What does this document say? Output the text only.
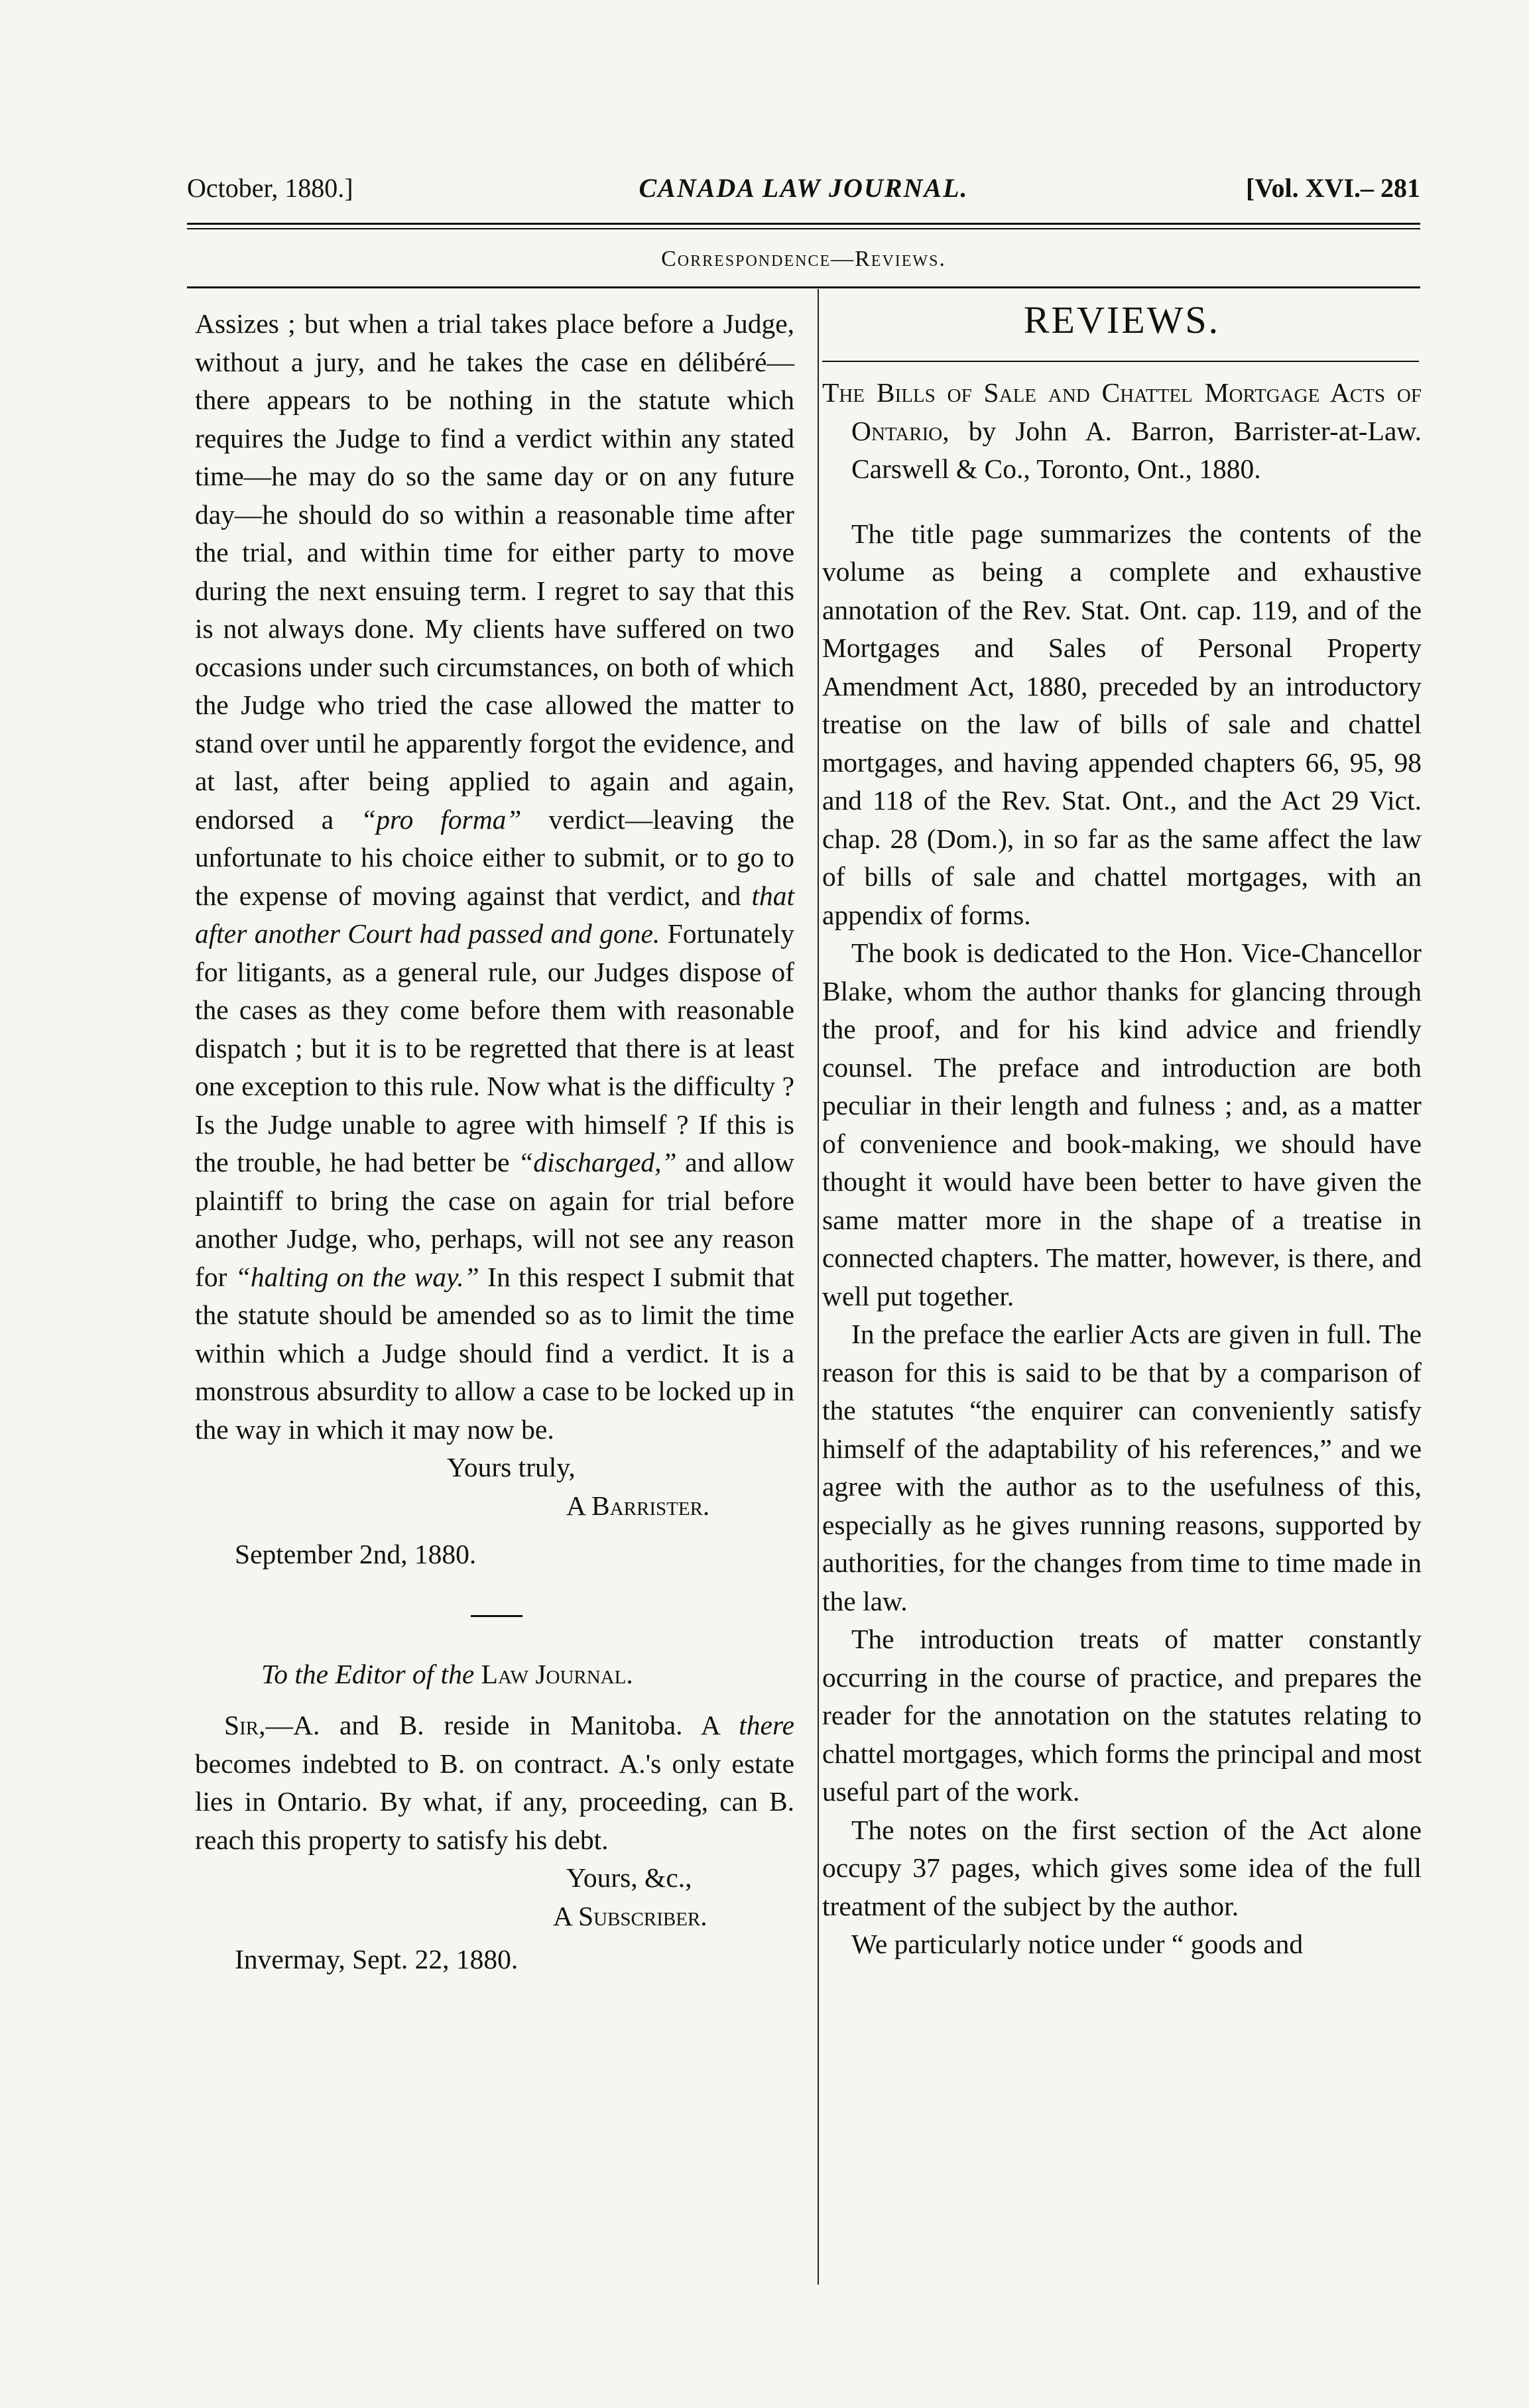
October, 1880.]	CANADA LAW JOURNAL.	[Vol. XVI.– 281
Correspondence—Reviews.

Assizes ; but when a trial takes place before a Judge, without a jury, and he takes the case en délibéré—there appears to be nothing in the statute which requires the Judge to find a verdict within any stated time—he may do so the same day or on any future day—he should do so within a reasonable time after the trial, and within time for either party to move during the next ensuing term. I regret to say that this is not always done. My clients have suffered on two occasions under such circumstances, on both of which the Judge who tried the case allowed the matter to stand over until he apparently forgot the evidence, and at last, after being applied to again and again, endorsed a “pro forma” verdict—leaving the unfortunate to his choice either to submit, or to go to the expense of moving against that verdict, and that after another Court had passed and gone. Fortunately for litigants, as a general rule, our Judges dispose of the cases as they come before them with reasonable dispatch ; but it is to be regretted that there is at least one exception to this rule. Now what is the difficulty ? Is the Judge unable to agree with himself ? If this is the trouble, he had better be “discharged,” and allow plaintiff to bring the case on again for trial before another Judge, who, perhaps, will not see any reason for “halting on the way.” In this respect I submit that the statute should be amended so as to limit the time within which a Judge should find a verdict. It is a monstrous absurdity to allow a case to be locked up in the way in which it may now be.

Yours truly,

A Barrister.

September 2nd, 1880.

To the Editor of the Law Journal.

Sir,—A. and B. reside in Manitoba. A there becomes indebted to B. on contract. A.'s only estate lies in Ontario. By what, if any, proceeding, can B. reach this property to satisfy his debt.

Yours, &c.,

A Subscriber.

Invermay, Sept. 22, 1880.

REVIEWS.

The Bills of Sale and Chattel Mortgage Acts of Ontario, by John A. Barron, Barrister-at-Law. Carswell & Co., Toronto, Ont., 1880.

The title page summarizes the contents of the volume as being a complete and exhaustive annotation of the Rev. Stat. Ont. cap. 119, and of the Mortgages and Sales of Personal Property Amendment Act, 1880, preceded by an introductory treatise on the law of bills of sale and chattel mortgages, and having appended chapters 66, 95, 98 and 118 of the Rev. Stat. Ont., and the Act 29 Vict. chap. 28 (Dom.), in so far as the same affect the law of bills of sale and chattel mortgages, with an appendix of forms.

The book is dedicated to the Hon. Vice-Chancellor Blake, whom the author thanks for glancing through the proof, and for his kind advice and friendly counsel. The preface and introduction are both peculiar in their length and fulness ; and, as a matter of convenience and book-making, we should have thought it would have been better to have given the same matter more in the shape of a treatise in connected chapters. The matter, however, is there, and well put together.

In the preface the earlier Acts are given in full. The reason for this is said to be that by a comparison of the statutes “the enquirer can conveniently satisfy himself of the adaptability of his references,” and we agree with the author as to the usefulness of this, especially as he gives running reasons, supported by authorities, for the changes from time to time made in the law.

The introduction treats of matter constantly occurring in the course of practice, and prepares the reader for the annotation on the statutes relating to chattel mortgages, which forms the principal and most useful part of the work.

The notes on the first section of the Act alone occupy 37 pages, which gives some idea of the full treatment of the subject by the author.

We particularly notice under “ goods and
